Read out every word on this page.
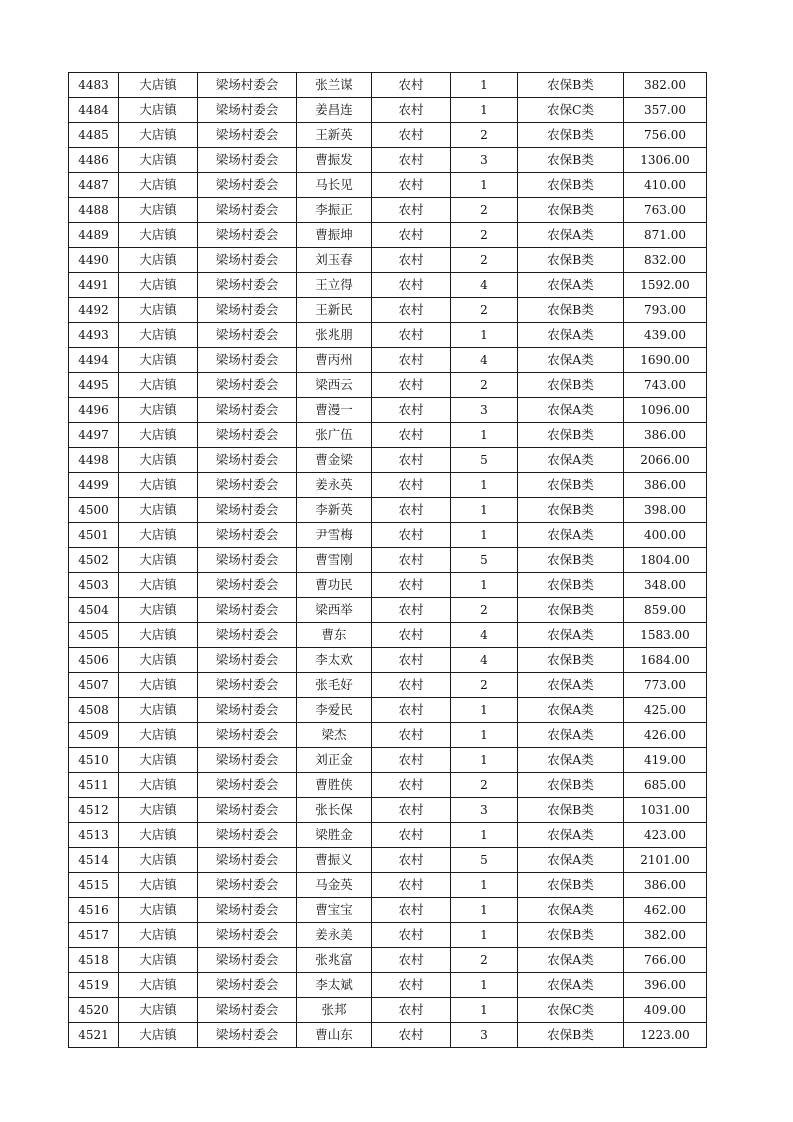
4483	大店镇	梁场村委会	张兰谋	农村	1	农保B类	382.00
4484	大店镇	梁场村委会	姜昌连	农村	1	农保C类	357.00
4485	大店镇	梁场村委会	王新英	农村	2	农保B类	756.00
4486	大店镇	梁场村委会	曹振发	农村	3	农保B类	1306.00
4487	大店镇	梁场村委会	马长见	农村	1	农保B类	410.00
4488	大店镇	梁场村委会	李振正	农村	2	农保B类	763.00
4489	大店镇	梁场村委会	曹振坤	农村	2	农保A类	871.00
4490	大店镇	梁场村委会	刘玉春	农村	2	农保B类	832.00
4491	大店镇	梁场村委会	王立得	农村	4	农保A类	1592.00
4492	大店镇	梁场村委会	王新民	农村	2	农保B类	793.00
4493	大店镇	梁场村委会	张兆朋	农村	1	农保A类	439.00
4494	大店镇	梁场村委会	曹丙州	农村	4	农保A类	1690.00
4495	大店镇	梁场村委会	梁西云	农村	2	农保B类	743.00
4496	大店镇	梁场村委会	曹漫一	农村	3	农保A类	1096.00
4497	大店镇	梁场村委会	张广伍	农村	1	农保B类	386.00
4498	大店镇	梁场村委会	曹金梁	农村	5	农保A类	2066.00
4499	大店镇	梁场村委会	姜永英	农村	1	农保B类	386.00
4500	大店镇	梁场村委会	李新英	农村	1	农保B类	398.00
4501	大店镇	梁场村委会	尹雪梅	农村	1	农保A类	400.00
4502	大店镇	梁场村委会	曹雪刚	农村	5	农保B类	1804.00
4503	大店镇	梁场村委会	曹功民	农村	1	农保B类	348.00
4504	大店镇	梁场村委会	梁西举	农村	2	农保B类	859.00
4505	大店镇	梁场村委会	曹东	农村	4	农保A类	1583.00
4506	大店镇	梁场村委会	李太欢	农村	4	农保B类	1684.00
4507	大店镇	梁场村委会	张毛好	农村	2	农保A类	773.00
4508	大店镇	梁场村委会	李爱民	农村	1	农保A类	425.00
4509	大店镇	梁场村委会	梁杰	农村	1	农保A类	426.00
4510	大店镇	梁场村委会	刘正金	农村	1	农保A类	419.00
4511	大店镇	梁场村委会	曹胜侠	农村	2	农保B类	685.00
4512	大店镇	梁场村委会	张长保	农村	3	农保B类	1031.00
4513	大店镇	梁场村委会	梁胜金	农村	1	农保A类	423.00
4514	大店镇	梁场村委会	曹振义	农村	5	农保A类	2101.00
4515	大店镇	梁场村委会	马金英	农村	1	农保B类	386.00
4516	大店镇	梁场村委会	曹宝宝	农村	1	农保A类	462.00
4517	大店镇	梁场村委会	姜永美	农村	1	农保B类	382.00
4518	大店镇	梁场村委会	张兆富	农村	2	农保A类	766.00
4519	大店镇	梁场村委会	李太斌	农村	1	农保A类	396.00
4520	大店镇	梁场村委会	张邦	农村	1	农保C类	409.00
4521	大店镇	梁场村委会	曹山东	农村	3	农保B类	1223.00
